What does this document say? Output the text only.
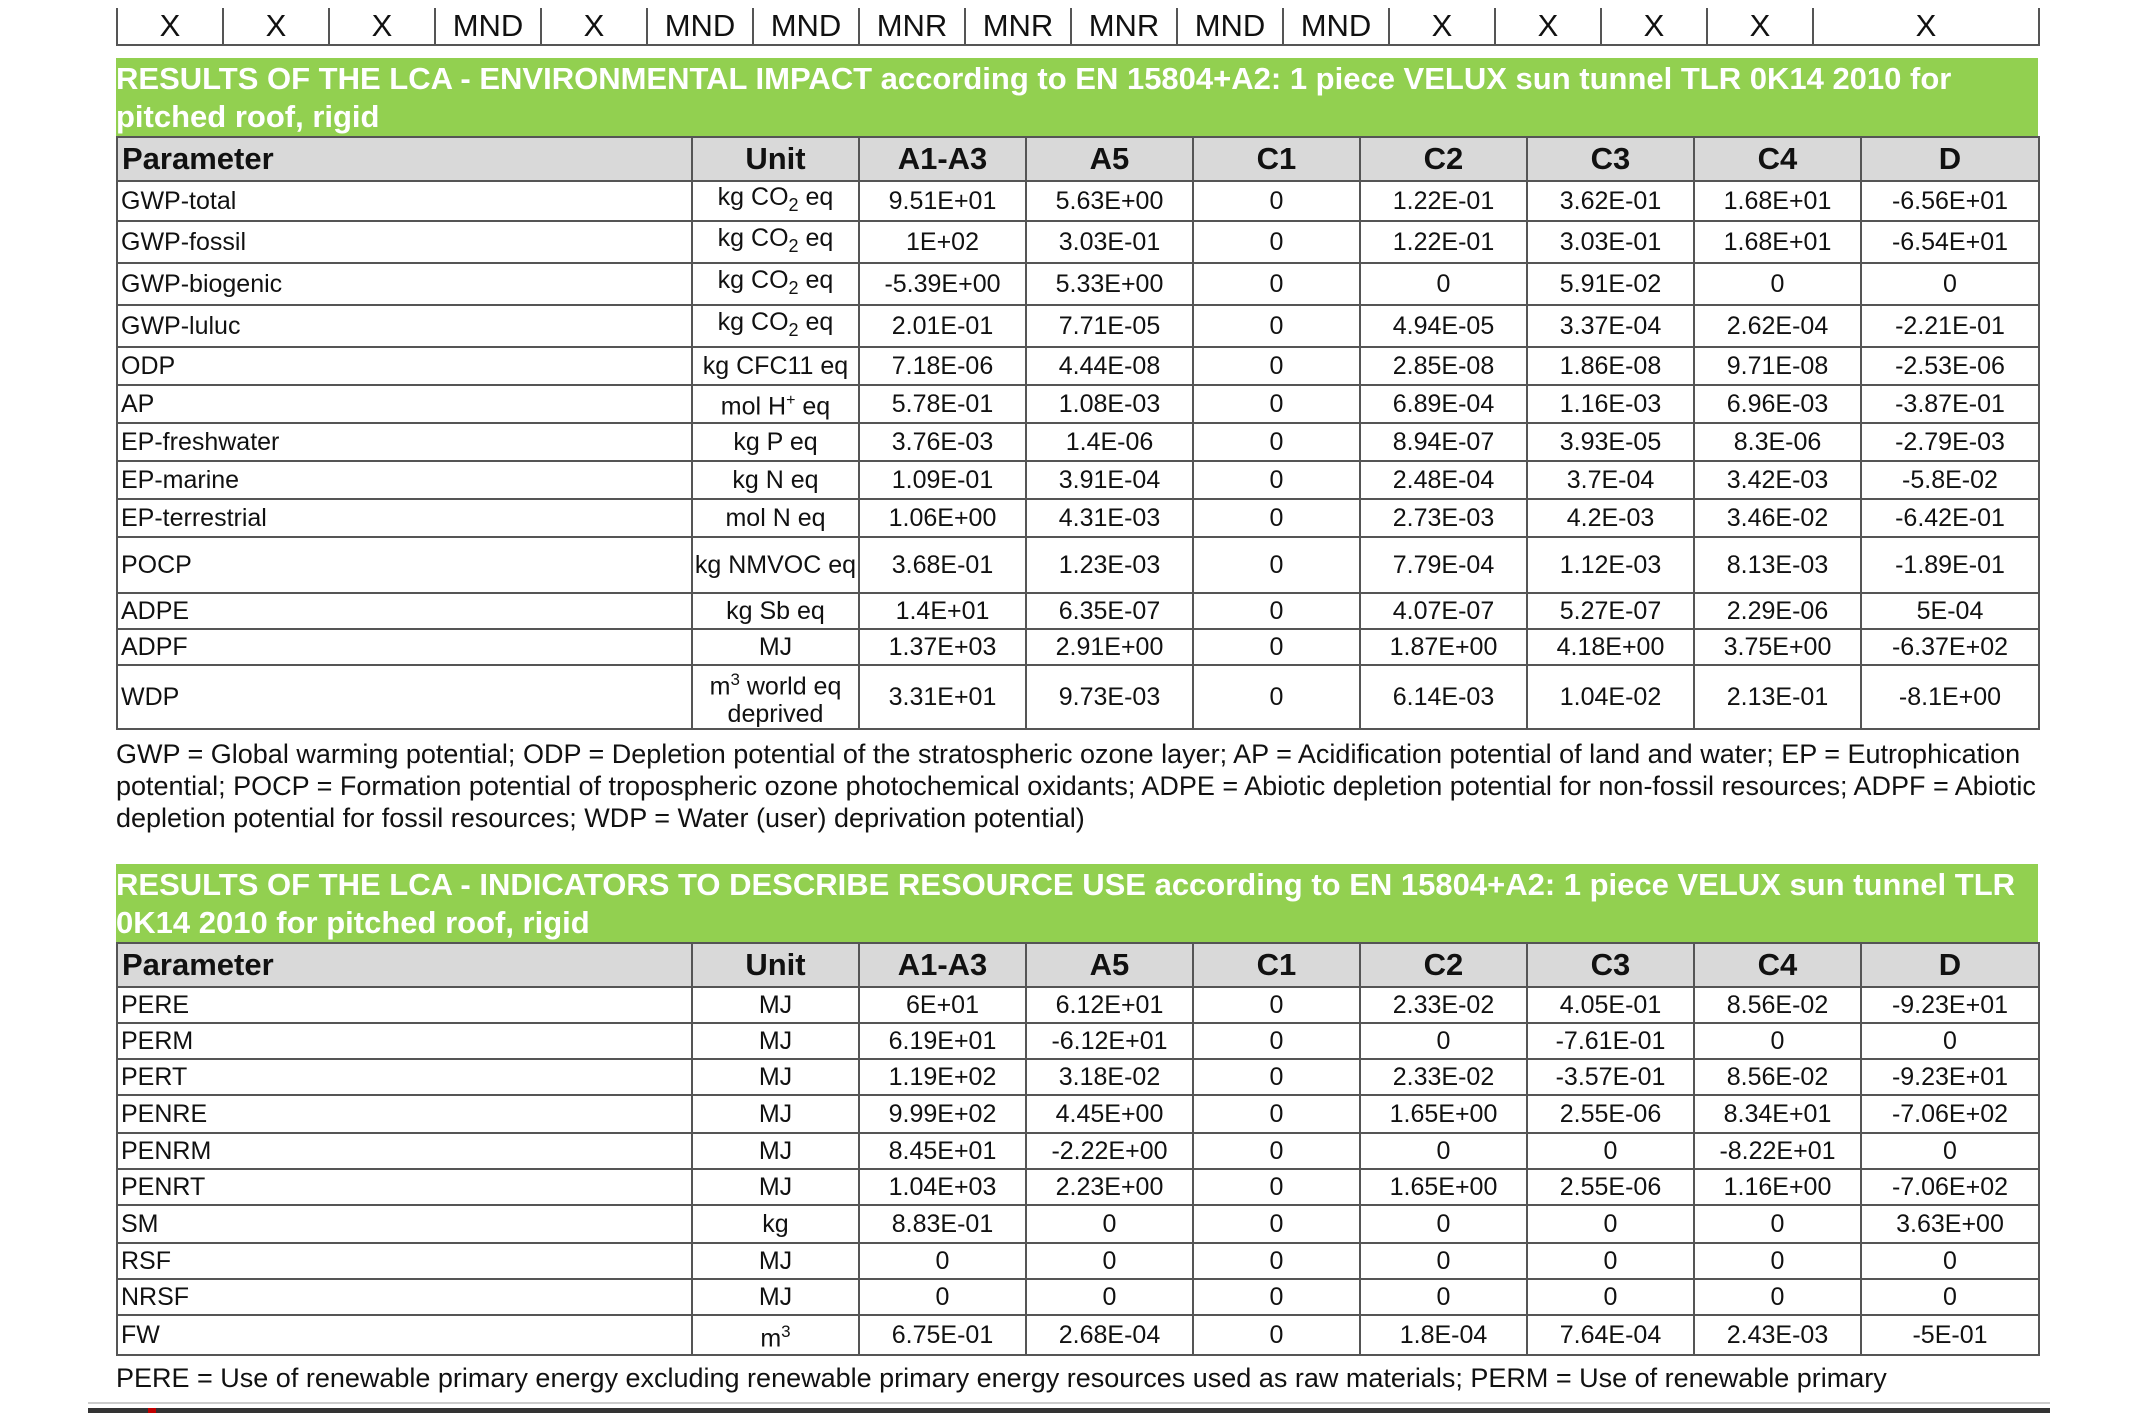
X	X	X	MND	X	MND	MND	MNR	MNR	MNR	MND	MND	X	X	X	X	X
RESULTS OF THE LCA - ENVIRONMENTAL IMPACT according to EN 15804+A2: 1 piece VELUX sun tunnel TLR 0K14 2010 for pitched roof, rigid
Parameter	Unit	A1-A3	A5	C1	C2	C3	C4	D
GWP-total	kg $CO_2$ eq	9.51E+01	5.63E+00	0	1.22E-01	3.62E-01	1.68E+01	-6.56E+01
GWP-fossil	kg $CO_2$ eq	1E+02	3.03E-01	0	1.22E-01	3.03E-01	1.68E+01	-6.54E+01
GWP-biogenic	kg $CO_2$ eq	-5.39E+00	5.33E+00	0	0	5.91E-02	0	0
GWP-luluc	kg $CO_2$ eq	2.01E-01	7.71E-05	0	4.94E-05	3.37E-04	2.62E-04	-2.21E-01
ODP	kg CFC11 eq	7.18E-06	4.44E-08	0	2.85E-08	1.86E-08	9.71E-08	-2.53E-06
AP	mol H+ eq	5.78E-01	1.08E-03	0	6.89E-04	1.16E-03	6.96E-03	-3.87E-01
EP-freshwater	kg P eq	3.76E-03	1.4E-06	0	8.94E-07	3.93E-05	8.3E-06	-2.79E-03
EP-marine	kg N eq	1.09E-01	3.91E-04	0	2.48E-04	3.7E-04	3.42E-03	-5.8E-02
EP-terrestrial	mol N eq	1.06E+00	4.31E-03	0	2.73E-03	4.2E-03	3.46E-02	-6.42E-01
POCP	kg NMVOC eq	3.68E-01	1.23E-03	0	7.79E-04	1.12E-03	8.13E-03	-1.89E-01
ADPE	kg Sb eq	1.4E+01	6.35E-07	0	4.07E-07	5.27E-07	2.29E-06	5E-04
ADPF	MJ	1.37E+03	2.91E+00	0	1.87E+00	4.18E+00	3.75E+00	-6.37E+02
WDP	$m^3$ world eq deprived	3.31E+01	9.73E-03	0	6.14E-03	1.04E-02	2.13E-01	-8.1E+00
GWP = Global warming potential; ODP = Depletion potential of the stratospheric ozone layer; AP = Acidification potential of land and water; EP = Eutrophication potential; POCP = Formation potential of tropospheric ozone photochemical oxidants; ADPE = Abiotic depletion potential for non-fossil resources; ADPF = Abiotic depletion potential for fossil resources; WDP = Water (user) deprivation potential)
RESULTS OF THE LCA - INDICATORS TO DESCRIBE RESOURCE USE according to EN 15804+A2: 1 piece VELUX sun tunnel TLR 0K14 2010 for pitched roof, rigid
Parameter	Unit	A1-A3	A5	C1	C2	C3	C4	D
PERE	MJ	6E+01	6.12E+01	0	2.33E-02	4.05E-01	8.56E-02	-9.23E+01
PERM	MJ	6.19E+01	-6.12E+01	0	0	-7.61E-01	0	0
PERT	MJ	1.19E+02	3.18E-02	0	2.33E-02	-3.57E-01	8.56E-02	-9.23E+01
PENRE	MJ	9.99E+02	4.45E+00	0	1.65E+00	2.55E-06	8.34E+01	-7.06E+02
PENRM	MJ	8.45E+01	-2.22E+00	0	0	0	-8.22E+01	0
PENRT	MJ	1.04E+03	2.23E+00	0	1.65E+00	2.55E-06	1.16E+00	-7.06E+02
SM	kg	8.83E-01	0	0	0	0	0	3.63E+00
RSF	MJ	0	0	0	0	0	0	0
NRSF	MJ	0	0	0	0	0	0	0
FW	$m^3$	6.75E-01	2.68E-04	0	1.8E-04	7.64E-04	2.43E-03	-5E-01
PERE = Use of renewable primary energy excluding renewable primary energy resources used as raw materials; PERM = Use of renewable primary
